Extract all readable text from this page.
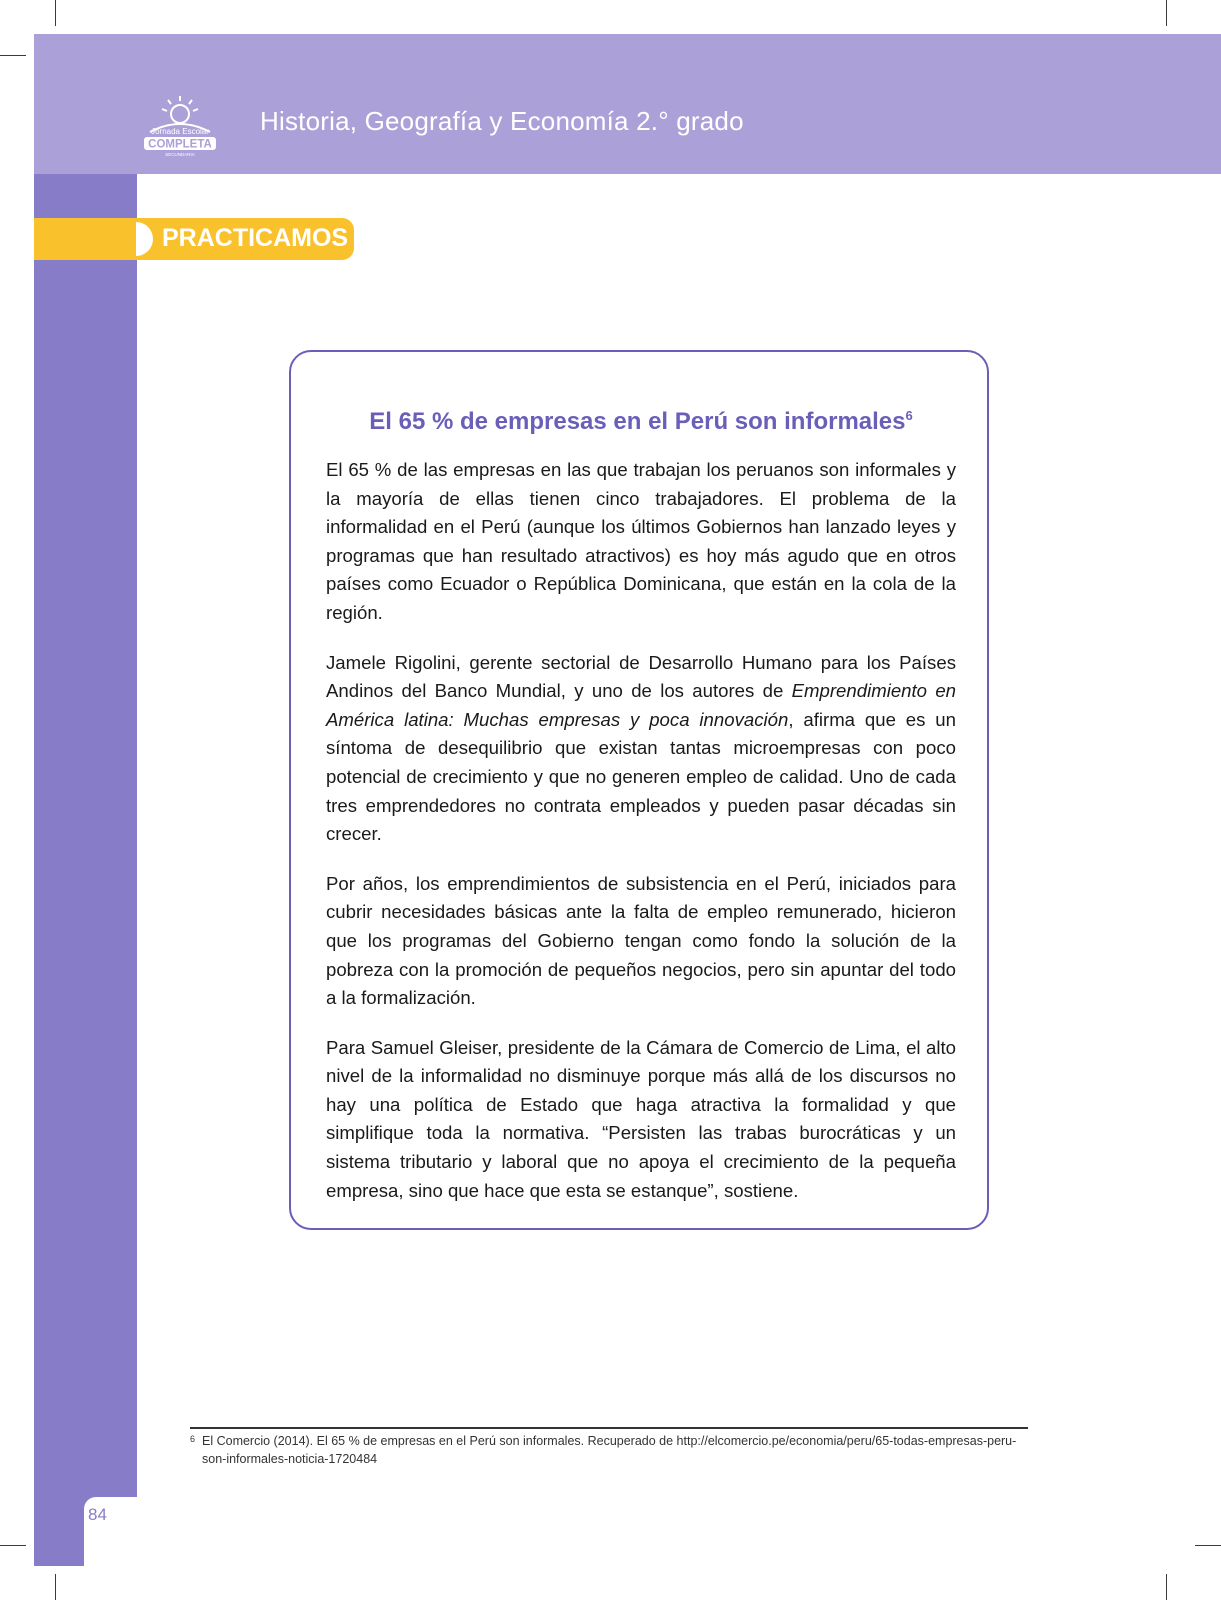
Jornada Escolar
COMPLETA
SECUNDARIA
Historia, Geografía y Economía 2.° grado
PRACTICAMOS
El 65 % de empresas en el Perú son informales$^6$

El 65 % de las empresas en las que trabajan los peruanos son informales y la mayoría de ellas tienen cinco trabajadores. El problema de la informalidad en el Perú (aunque los últimos Gobiernos han lanzado leyes y programas que han resultado atractivos) es hoy más agudo que en otros países como Ecuador o República Dominicana, que están en la cola de la región.

Jamele Rigolini, gerente sectorial de Desarrollo Humano para los Países Andinos del Banco Mundial, y uno de los autores de Emprendimiento en América latina: Muchas empresas y poca innovación, afirma que es un síntoma de desequilibrio que existan tantas microempresas con poco potencial de crecimiento y que no generen empleo de calidad. Uno de cada tres emprendedores no contrata empleados y pueden pasar décadas sin crecer.

Por años, los emprendimientos de subsistencia en el Perú, iniciados para cubrir necesidades básicas ante la falta de empleo remunerado, hicieron que los programas del Gobierno tengan como fondo la solución de la pobreza con la promoción de pequeños negocios, pero sin apuntar del todo a la formalización.

Para Samuel Gleiser, presidente de la Cámara de Comercio de Lima, el alto nivel de la informalidad no disminuye porque más allá de los discursos no hay una política de Estado que haga atractiva la formalidad y que simplifique toda la normativa. “Persisten las trabas burocráticas y un sistema tributario y laboral que no apoya el crecimiento de la pequeña empresa, sino que hace que esta se estanque”, sostiene.

6 El Comercio (2014). El 65 % de empresas en el Perú son informales. Recuperado de http://elcomercio.pe/economia/peru/65-todas-empresas-peru-son-informales-noticia-1720484
84
